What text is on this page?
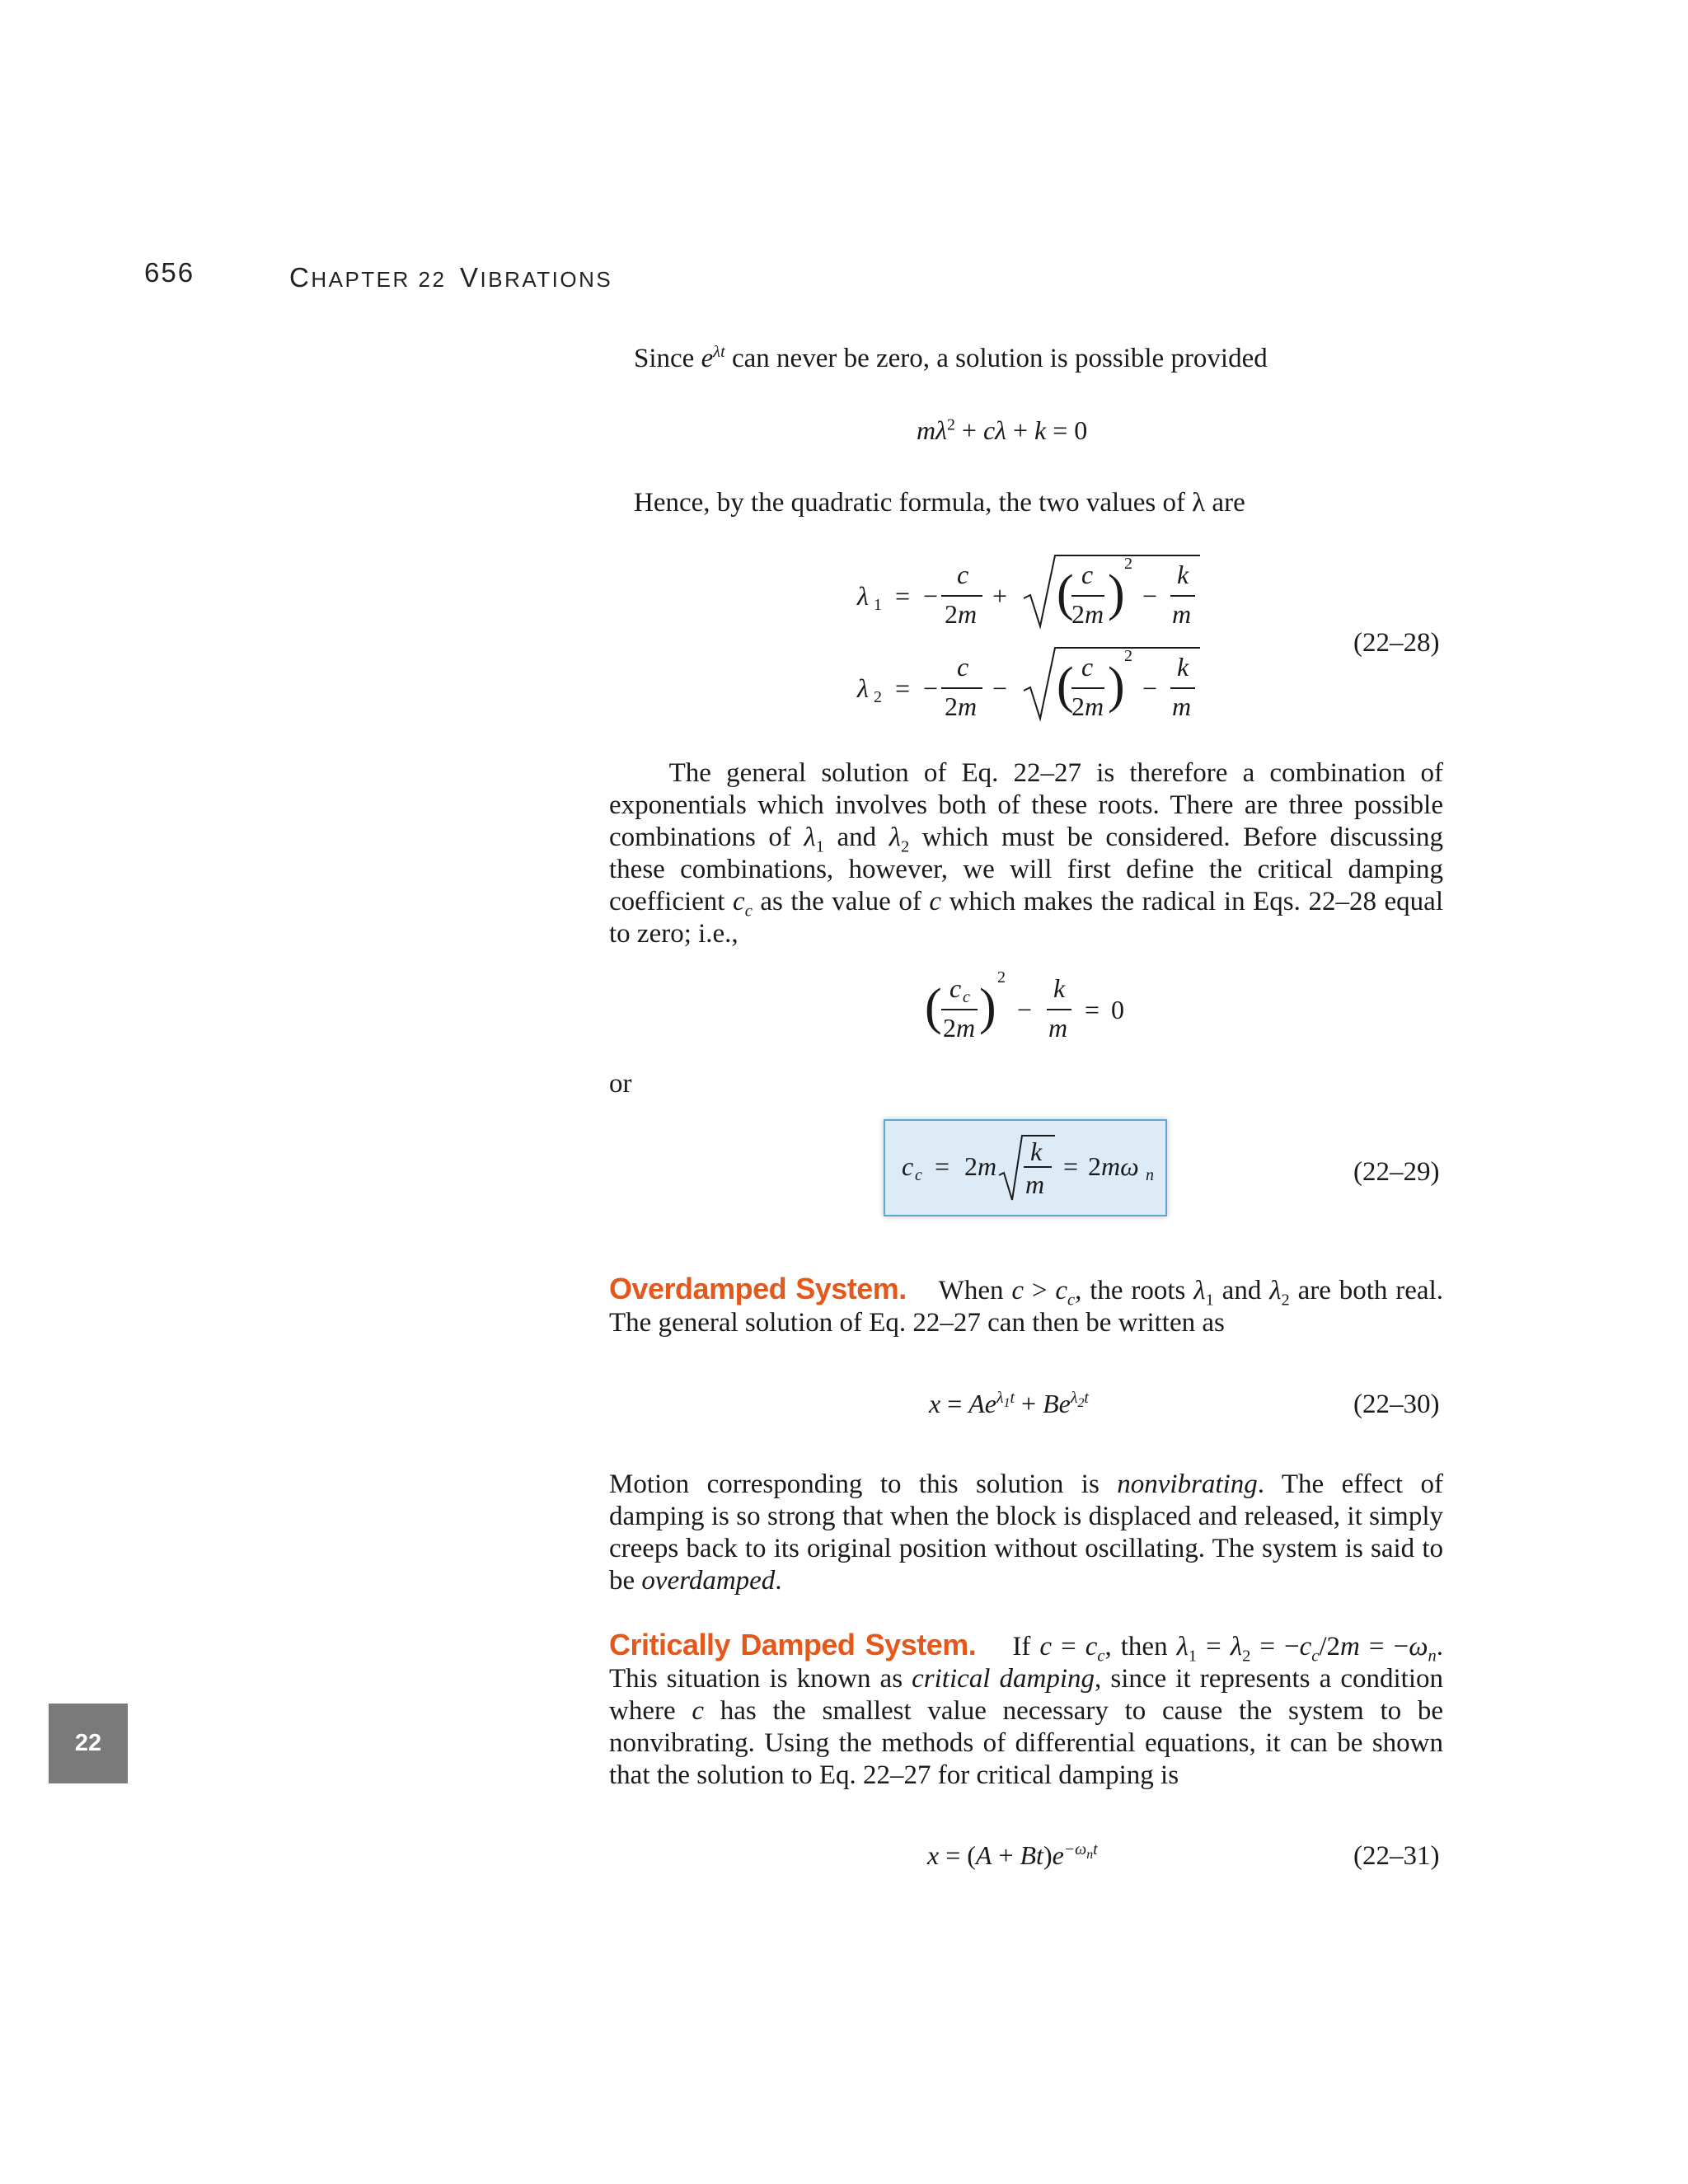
656	CHAPTER 22 VIBRATIONS
22
Since $e^{\lambda t}$ can never be zero, a solution is possible provided
$m\lambda^2 + c\lambda + k = 0$
Hence, by the quadratic formula, the two values of λ are
λ 1 = −
c
2m
+ ( c
2m )
2
−
k
m
λ 2 = −
c
2m
− ( c
2m )
2
−
k
m
(22–28)
The general solution of Eq. 22–27 is therefore a combination of exponentials which involves both of these roots. There are three possible combinations of $\lambda_1$ and $\lambda_2$ which must be considered. Before discussing these combinations, however, we will first define the critical damping coefficient $c_c$ as the value of c which makes the radical in Eqs. 22–28 equal to zero; i.e.,
( c c
2m )
2
−
k
m
= 0
or
c c = 2m k
m
= 2mω n	(22–29)
Overdamped System.    When $c > c_c$, the roots $\lambda_1$ and $\lambda_2$ are both real. The general solution of Eq. 22–27 can then be written as
$x = Ae^{\lambda_1t} + Be^{\lambda_2t}$	(22–30)
Motion corresponding to this solution is nonvibrating. The effect of damping is so strong that when the block is displaced and released, it simply creeps back to its original position without oscillating. The system is said to be overdamped.
Critically Damped System.    If $c = c_c$, then $\lambda_1 = \lambda_2 = -c_c/2m = -\omega_n$. This situation is known as critical damping, since it represents a condition where c has the smallest value necessary to cause the system to be nonvibrating. Using the methods of differential equations, it can be shown that the solution to Eq. 22–27 for critical damping is
$x = (A + Bt)e^{-\omega_nt}$	(22–31)
